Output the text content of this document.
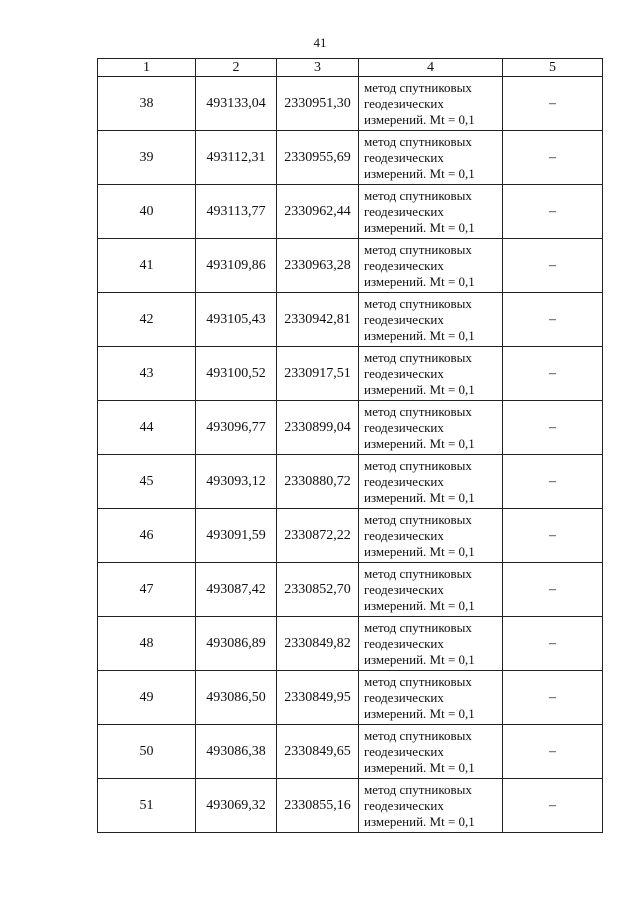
41
1	2	3	4	5
38	493133,04	2330951,30	метод спутниковых
геодезических
измерений. Mt = 0,1	–
39	493112,31	2330955,69	метод спутниковых
геодезических
измерений. Mt = 0,1	–
40	493113,77	2330962,44	метод спутниковых
геодезических
измерений. Mt = 0,1	–
41	493109,86	2330963,28	метод спутниковых
геодезических
измерений. Mt = 0,1	–
42	493105,43	2330942,81	метод спутниковых
геодезических
измерений. Mt = 0,1	–
43	493100,52	2330917,51	метод спутниковых
геодезических
измерений. Mt = 0,1	–
44	493096,77	2330899,04	метод спутниковых
геодезических
измерений. Mt = 0,1	–
45	493093,12	2330880,72	метод спутниковых
геодезических
измерений. Mt = 0,1	–
46	493091,59	2330872,22	метод спутниковых
геодезических
измерений. Mt = 0,1	–
47	493087,42	2330852,70	метод спутниковых
геодезических
измерений. Mt = 0,1	–
48	493086,89	2330849,82	метод спутниковых
геодезических
измерений. Mt = 0,1	–
49	493086,50	2330849,95	метод спутниковых
геодезических
измерений. Mt = 0,1	–
50	493086,38	2330849,65	метод спутниковых
геодезических
измерений. Mt = 0,1	–
51	493069,32	2330855,16	метод спутниковых
геодезических
измерений. Mt = 0,1	–
